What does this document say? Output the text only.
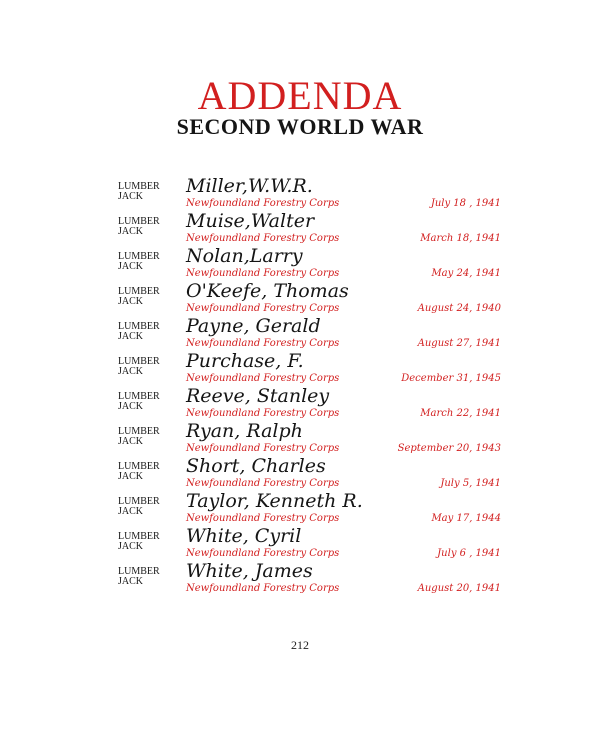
ADDENDA
SECOND WORLD WAR
LUMBER
JACK	Miller,W.W.R.
Newfoundland Forestry Corps	July 18 , 1941
LUMBER
JACK	Muise,Walter
Newfoundland Forestry Corps	March 18, 1941
LUMBER
JACK	Nolan,Larry
Newfoundland Forestry Corps	May 24, 1941
LUMBER
JACK	O'Keefe, Thomas
Newfoundland Forestry Corps	August 24, 1940
LUMBER
JACK	Payne, Gerald
Newfoundland Forestry Corps	August 27, 1941
LUMBER
JACK	Purchase, F.
Newfoundland Forestry Corps	December 31, 1945
LUMBER
JACK	Reeve, Stanley
Newfoundland Forestry Corps	March 22, 1941
LUMBER
JACK	Ryan, Ralph
Newfoundland Forestry Corps	September 20, 1943
LUMBER
JACK	Short, Charles
Newfoundland Forestry Corps	July 5, 1941
LUMBER
JACK	Taylor, Kenneth R.
Newfoundland Forestry Corps	May 17, 1944
LUMBER
JACK	White, Cyril
Newfoundland Forestry Corps	July 6 , 1941
LUMBER
JACK	White, James
Newfoundland Forestry Corps	August 20, 1941
212
